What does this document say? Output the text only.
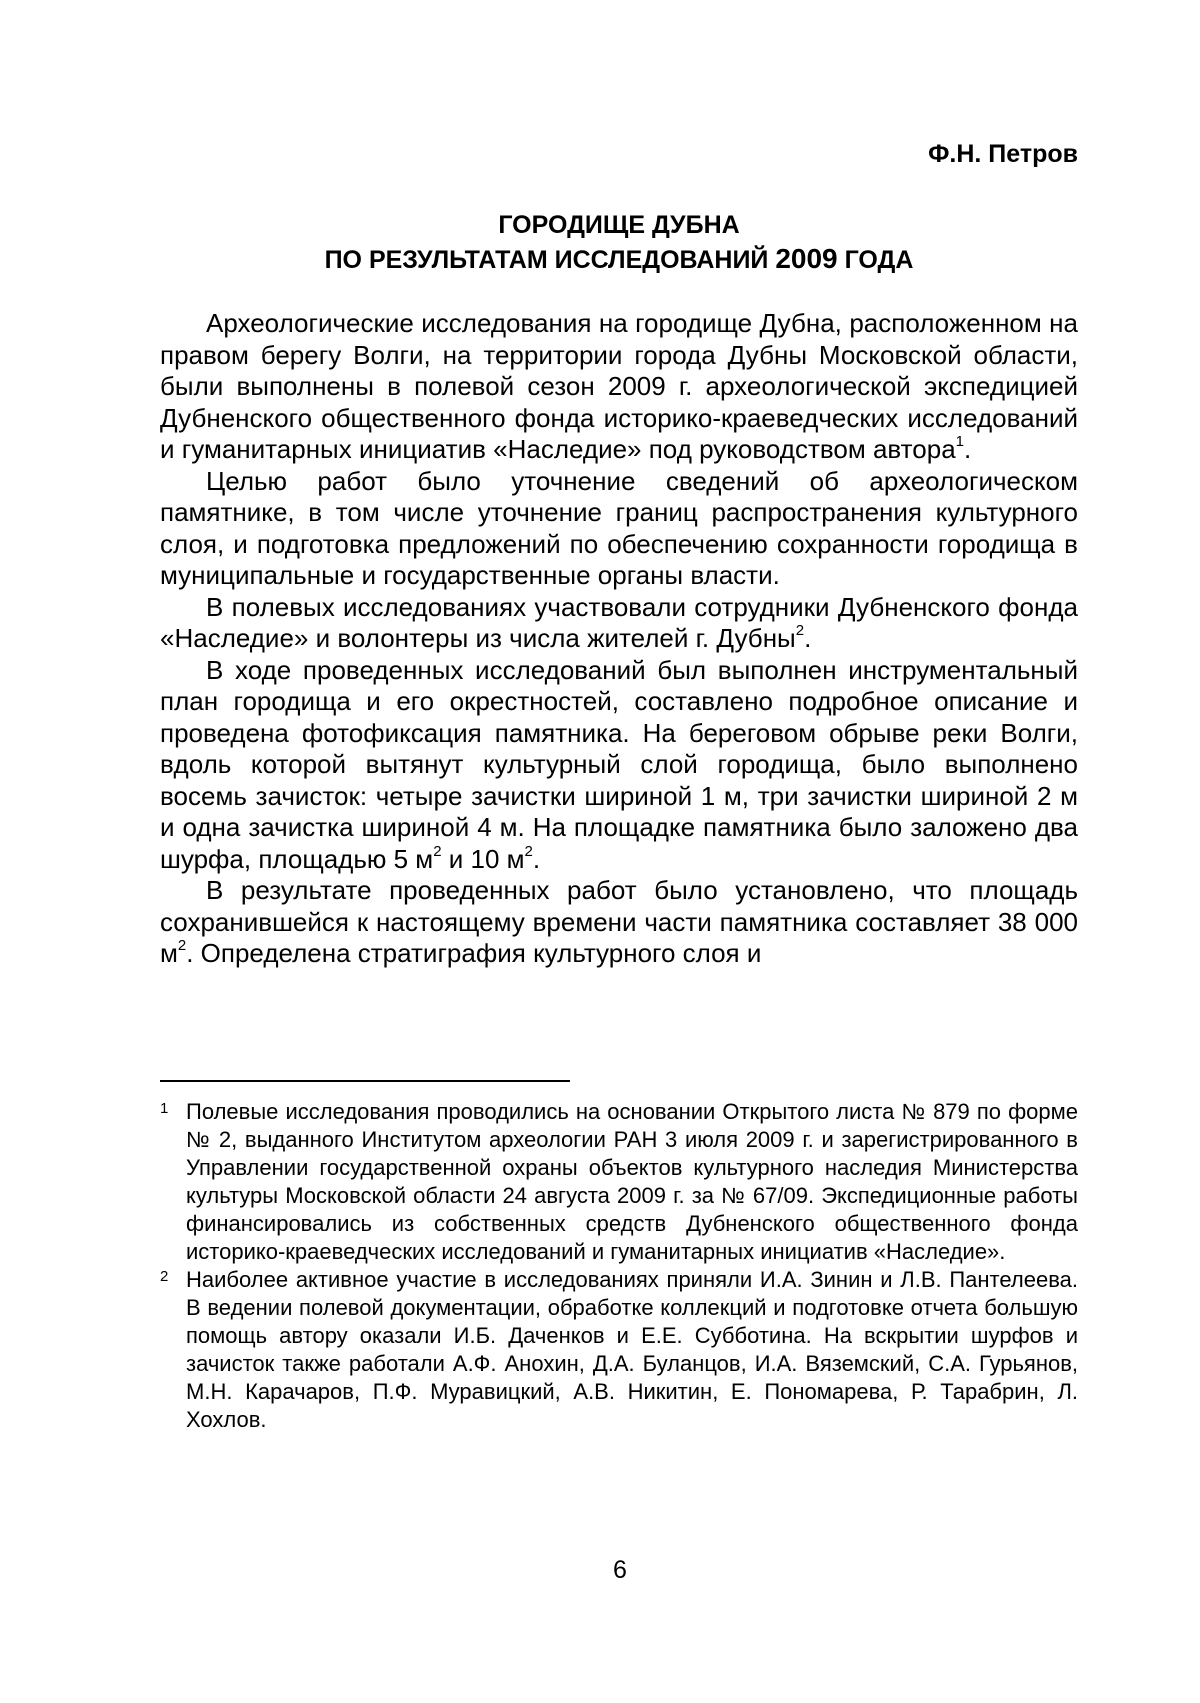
Ф.Н. Петров
ГОРОДИЩЕ ДУБНА
ПО РЕЗУЛЬТАТАМ ИССЛЕДОВАНИЙ 2009 ГОДА

Археологические исследования на городище Дубна, расположенном на правом берегу Волги, на территории города Дубны Московской области, были выполнены в полевой сезон 2009 г. археологической экспедицией Дубненского общественного фонда историко-краеведческих исследований и гуманитарных инициатив «Наследие» под руководством автора$^1$.

Целью работ было уточнение сведений об археологическом памятнике, в том числе уточнение границ распространения культурного слоя, и подготовка предложений по обеспечению сохранности городища в муниципальные и государственные органы власти.

В полевых исследованиях участвовали сотрудники Дубненского фонда «Наследие» и волонтеры из числа жителей г. Дубны$^2$.

В ходе проведенных исследований был выполнен инструментальный план городища и его окрестностей, составлено подробное описание и проведена фотофиксация памятника. На береговом обрыве реки Волги, вдоль которой вытянут культурный слой городища, было выполнено восемь зачисток: четыре зачистки шириной 1 м, три зачистки шириной 2 м и одна зачистка шириной 4 м. На площадке памятника было заложено два шурфа, площадью 5 $м^2$ и 10 $м^2$.

В результате проведенных работ было установлено, что площадь сохранившейся к настоящему времени части памятника составляет 38 000 $м^2$. Определена стратиграфия культурного слоя и

1 Полевые исследования проводились на основании Открытого листа № 879 по форме № 2, выданного Институтом археологии РАН 3 июля 2009 г. и зарегистрированного в Управлении государственной охраны объектов культурного наследия Министерства культуры Московской области 24 августа 2009 г. за № 67/09. Экспедиционные работы финансировались из собственных средств Дубненского общественного фонда историко-краеведческих исследований и гуманитарных инициатив «Наследие».

2 Наиболее активное участие в исследованиях приняли И.А. Зинин и Л.В. Пантелеева. В ведении полевой документации, обработке коллекций и подготовке отчета большую помощь автору оказали И.Б. Даченков и Е.Е. Субботина. На вскрытии шурфов и зачисток также работали А.Ф. Анохин, Д.А. Буланцов, И.А. Вяземский, С.А. Гурьянов, М.Н. Карачаров, П.Ф. Муравицкий, А.В. Никитин, Е. Пономарева, Р. Тарабрин, Л. Хохлов.

6
